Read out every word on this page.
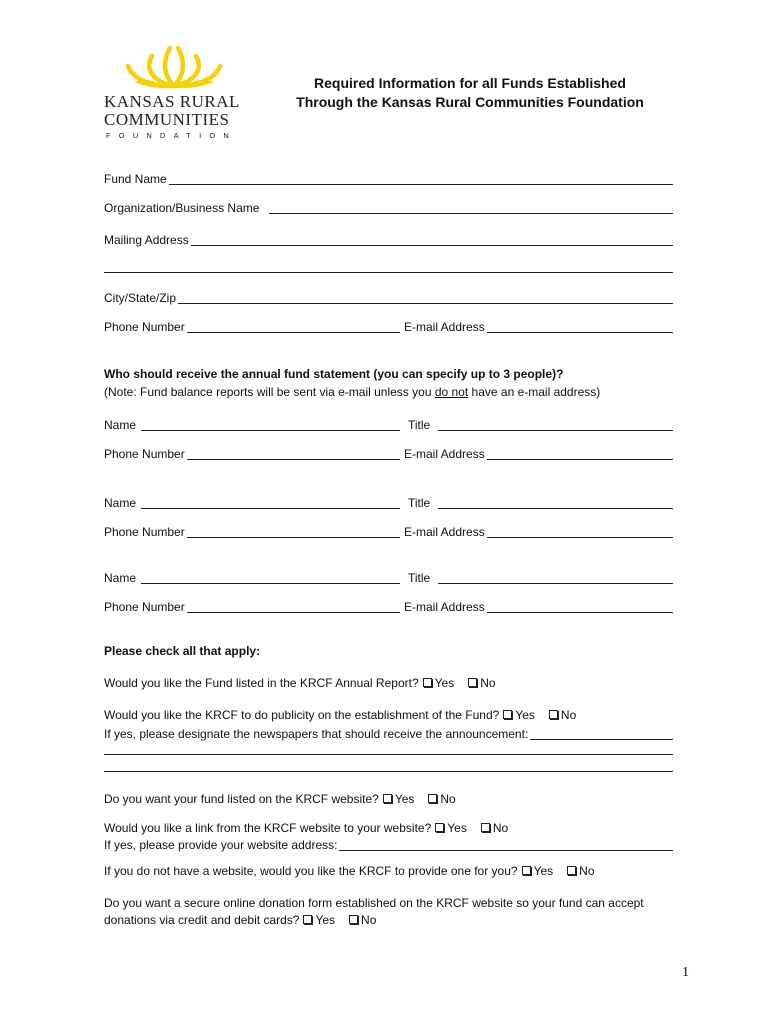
KANSAS RURAL
COMMUNITIES
FOUNDATION
Required Information for all Funds Established
Through the Kansas Rural Communities Foundation
Fund Name
Organization/Business Name
Mailing Address
City/State/Zip
Phone Number	E-mail Address
Who should receive the annual fund statement (you can specify up to 3 people)?
(Note: Fund balance reports will be sent via e-mail unless you do not have an e-mail address)
Name	Title
Phone Number	E-mail Address
Name	Title
Phone Number	E-mail Address
Name	Title
Phone Number	E-mail Address
Please check all that apply:
Would you like the Fund listed in the KRCF Annual Report? Yes No
Would you like the KRCF to do publicity on the establishment of the Fund? Yes No
If yes, please designate the newspapers that should receive the announcement:
Do you want your fund listed on the KRCF website? Yes No
Would you like a link from the KRCF website to your website? Yes No
If yes, please provide your website address:
If you do not have a website, would you like the KRCF to provide one for you? Yes No
Do you want a secure online donation form established on the KRCF website so your fund can accept
donations via credit and debit cards? Yes No
1
